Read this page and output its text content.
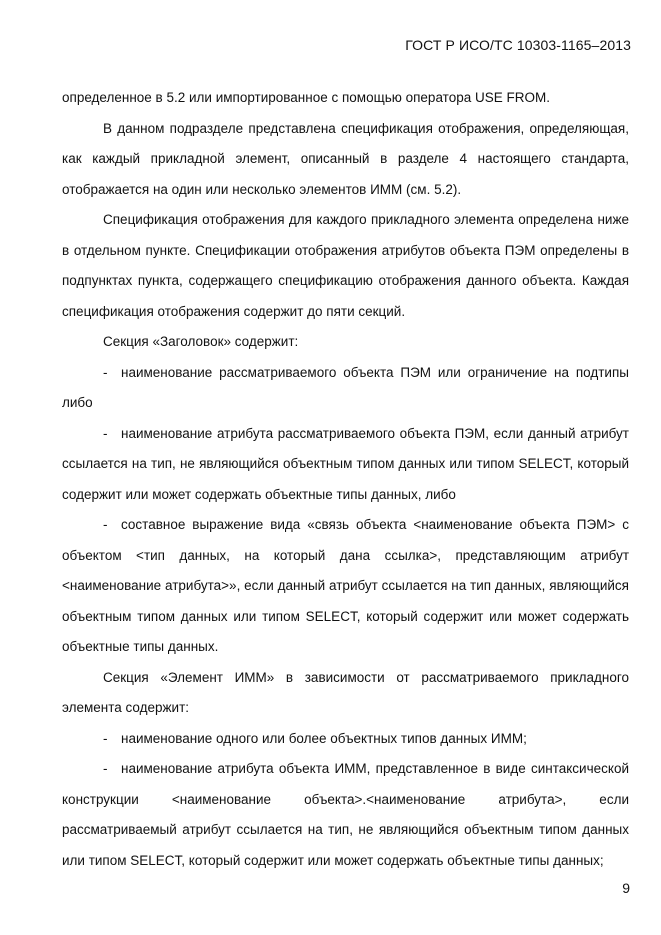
ГОСТ Р ИСО/ТС 10303-1165–2013

определенное в 5.2 или импортированное с помощью оператора USE FROM.

В данном подразделе представлена спецификация отображения, определяющая, как каждый прикладной элемент, описанный в разделе 4 настоящего стандарта, отображается на один или несколько элементов ИММ (см. 5.2).

Спецификация отображения для каждого прикладного элемента определена ниже в отдельном пункте. Спецификации отображения атрибутов объекта ПЭМ определены в подпунктах пункта, содержащего спецификацию отображения данного объекта. Каждая спецификация отображения содержит до пяти секций.

Секция «Заголовок» содержит:

- наименование рассматриваемого объекта ПЭМ или ограничение на подтипы либо

- наименование атрибута рассматриваемого объекта ПЭМ, если данный атрибут ссылается на тип, не являющийся объектным типом данных или типом SELECT, который содержит или может содержать объектные типы данных, либо

- составное выражение вида «связь объекта <наименование объекта ПЭМ> с объектом <тип данных, на который дана ссылка>, представляющим атрибут <наименование атрибута>», если данный атрибут ссылается на тип данных, являющийся объектным типом данных или типом SELECT, который содержит или может содержать объектные типы данных.

Секция «Элемент ИММ» в зависимости от рассматриваемого прикладного элемента содержит:

- наименование одного или более объектных типов данных ИММ;

- наименование атрибута объекта ИММ, представленное в виде синтаксической конструкции <наименование объекта>.<наименование атрибута>, если рассматриваемый атрибут ссылается на тип, не являющийся объектным типом данных или типом SELECT, который содержит или может содержать объектные типы данных;

9
